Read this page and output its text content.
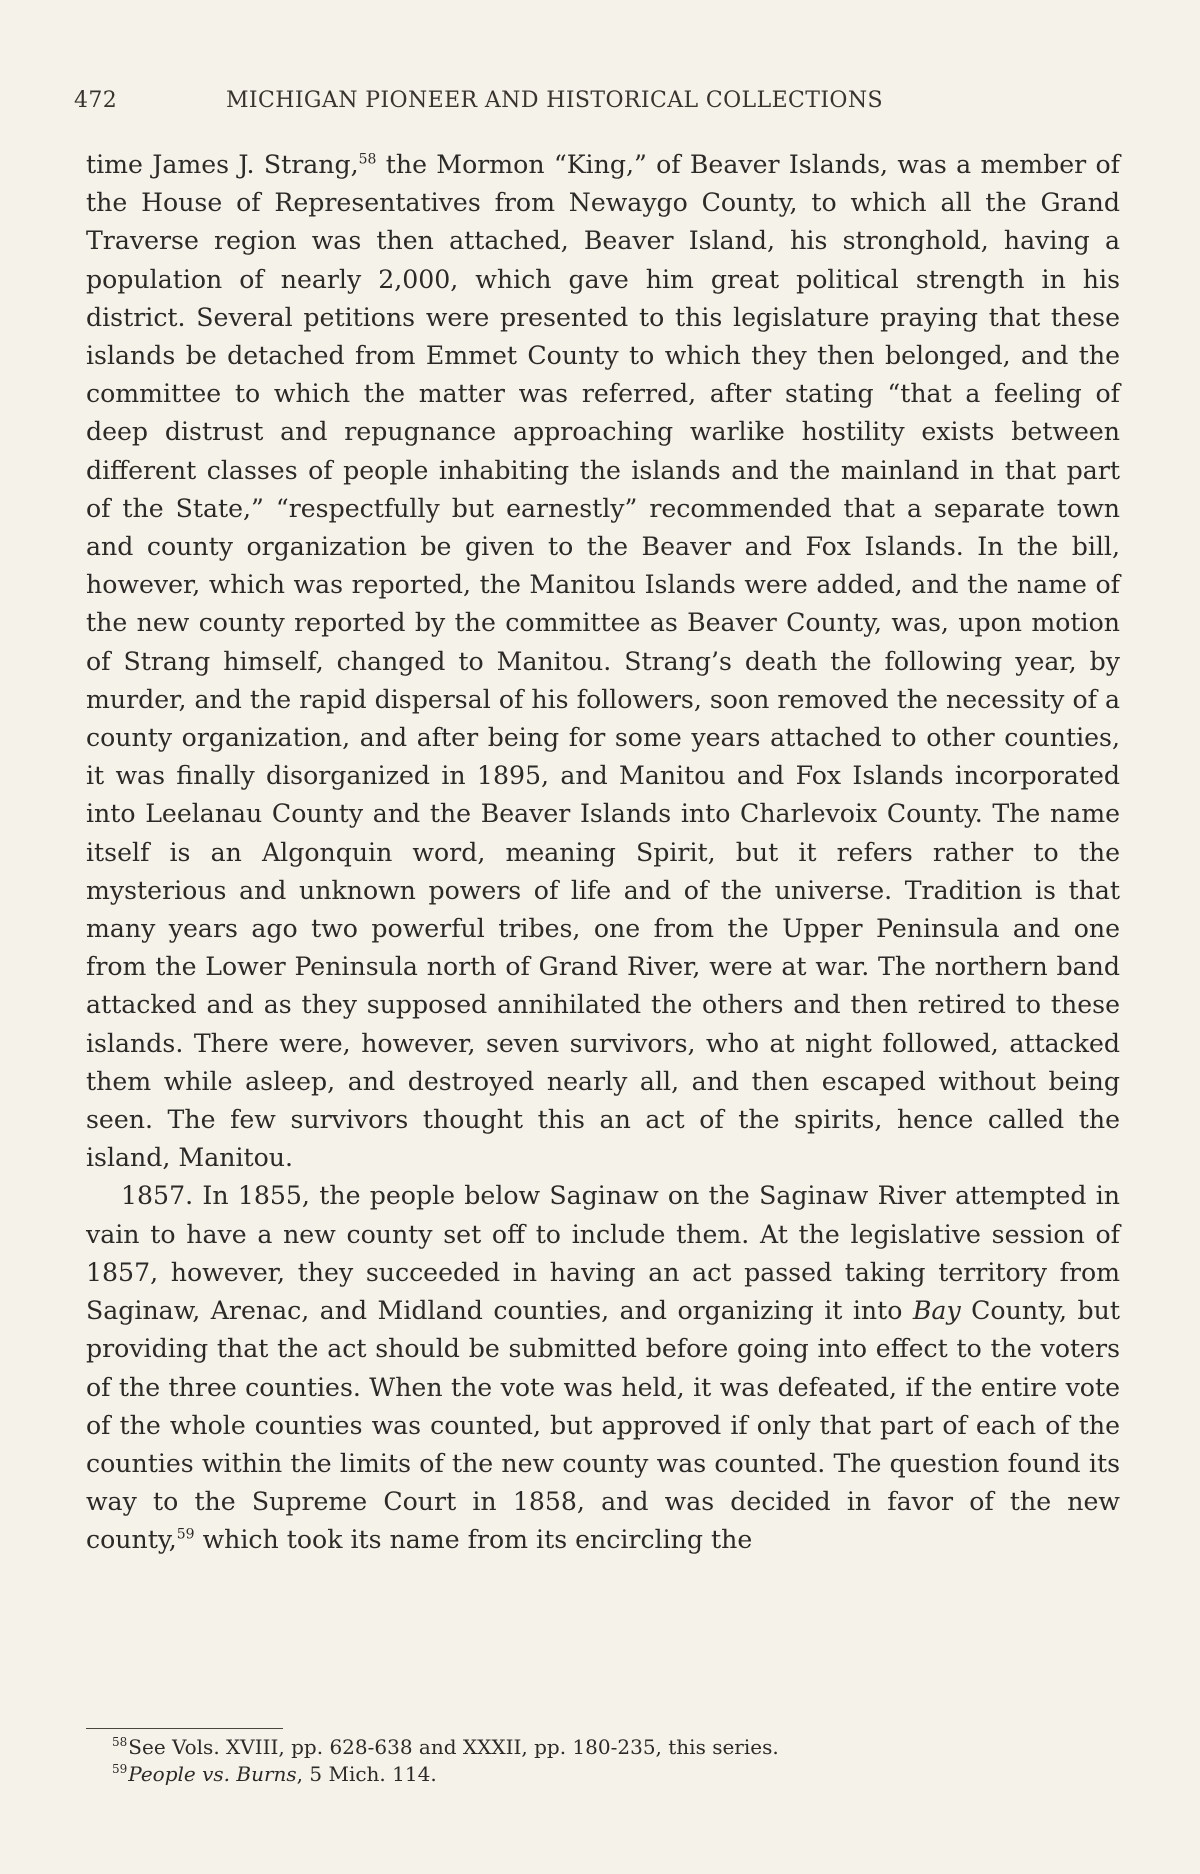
472	MICHIGAN PIONEER AND HISTORICAL COLLECTIONS

time James J. Strang,$^{58}$ the Mormon “King,” of Beaver Islands, was a member of the House of Representatives from Newaygo County, to which all the Grand Traverse region was then attached, Beaver Island, his stronghold, having a population of nearly 2,000, which gave him great political strength in his district. Several petitions were presented to this legislature praying that these islands be detached from Emmet County to which they then belonged, and the committee to which the matter was referred, after stating “that a feeling of deep distrust and repugnance approaching warlike hostility exists between different classes of people inhabiting the islands and the mainland in that part of the State,” “respectfully but earnestly” recommended that a separate town and county organization be given to the Beaver and Fox Islands. In the bill, however, which was reported, the Manitou Islands were added, and the name of the new county reported by the committee as Beaver County, was, upon motion of Strang himself, changed to Manitou. Strang’s death the following year, by murder, and the rapid dispersal of his followers, soon removed the necessity of a county organization, and after being for some years attached to other counties, it was finally disorganized in 1895, and Manitou and Fox Islands incorporated into Leelanau County and the Beaver Islands into Charlevoix County. The name itself is an Algonquin word, meaning Spirit, but it refers rather to the mysterious and unknown powers of life and of the universe. Tradition is that many years ago two powerful tribes, one from the Upper Peninsula and one from the Lower Peninsula north of Grand River, were at war. The northern band attacked and as they supposed annihilated the others and then retired to these islands. There were, however, seven survivors, who at night followed, attacked them while asleep, and destroyed nearly all, and then escaped without being seen. The few survivors thought this an act of the spirits, hence called the island, Manitou.

1857. In 1855, the people below Saginaw on the Saginaw River attempted in vain to have a new county set off to include them. At the legislative session of 1857, however, they succeeded in having an act passed taking territory from Saginaw, Arenac, and Midland counties, and organizing it into Bay County, but providing that the act should be submitted before going into effect to the voters of the three counties. When the vote was held, it was defeated, if the entire vote of the whole counties was counted, but approved if only that part of each of the counties within the limits of the new county was counted. The question found its way to the Supreme Court in 1858, and was decided in favor of the new county,$^{59}$ which took its name from its encircling the

$^{58}$See Vols. XVIII, pp. 628-638 and XXXII, pp. 180-235, this series.

$^{59}$People vs. Burns, 5 Mich. 114.
